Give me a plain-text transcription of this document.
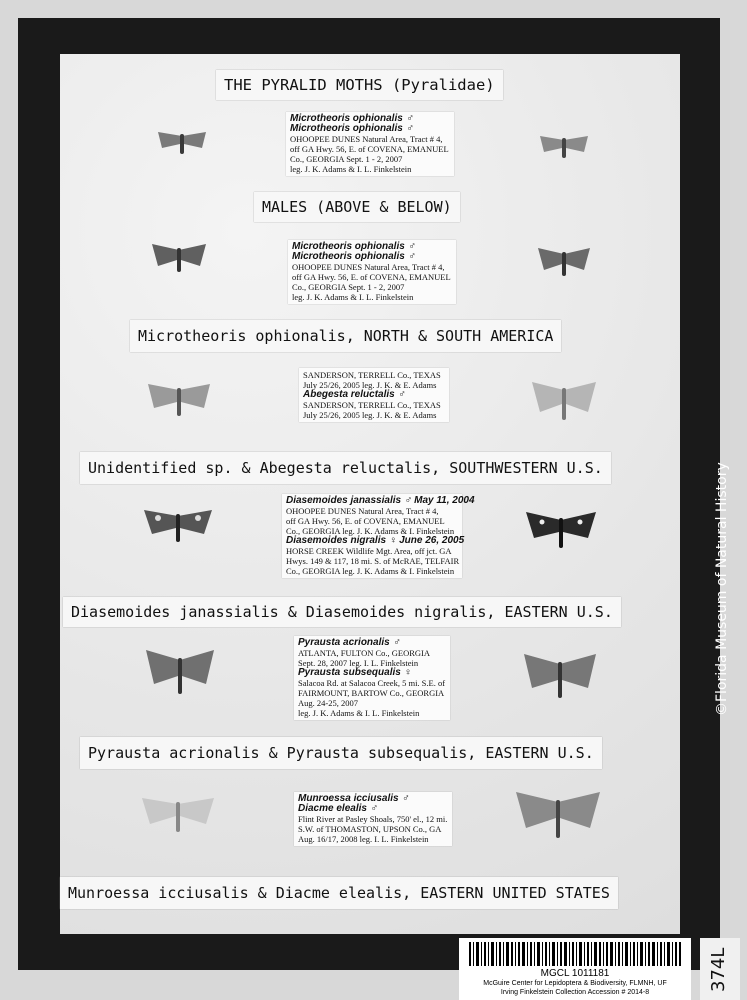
THE PYRALID MOTHS (Pyralidae)
MALES (ABOVE & BELOW)
Microtheoris ophionalis, NORTH & SOUTH AMERICA
Unidentified sp. & Abegesta reluctalis, SOUTHWESTERN U.S.
Diasemoides janassialis & Diasemoides nigralis, EASTERN U.S.
Pyrausta acrionalis & Pyrausta subsequalis, EASTERN U.S.
Munroessa icciusalis & Diacme elealis, EASTERN UNITED STATES
Microtheoris ophionalis ♂
Microtheoris ophionalis ♂
OHOOPEE DUNES Natural Area, Tract # 4,
off GA Hwy. 56, E. of COVENA, EMANUEL
Co., GEORGIA Sept. 1 - 2, 2007
leg. J. K. Adams & I. L. Finkelstein
Microtheoris ophionalis ♂
Microtheoris ophionalis ♂
OHOOPEE DUNES Natural Area, Tract # 4,
off GA Hwy. 56, E. of COVENA, EMANUEL
Co., GEORGIA Sept. 1 - 2, 2007
leg. J. K. Adams & I. L. Finkelstein
SANDERSON, TERRELL Co., TEXAS
July 25/26, 2005 leg. J. K. & E. Adams
Abegesta reluctalis ♂
SANDERSON, TERRELL Co., TEXAS
July 25/26, 2005 leg. J. K. & E. Adams
Diasemoides janassialis ♂ May 11, 2004
OHOOPEE DUNES Natural Area, Tract # 4,
off GA Hwy. 56, E. of COVENA, EMANUEL
Co., GEORGIA leg. J. K. Adams & I. Finkelstein
Diasemoides nigralis ♀ June 26, 2005
HORSE CREEK Wildlife Mgt. Area, off jct. GA
Hwys. 149 & 117, 18 mi. S. of McRAE, TELFAIR
Co., GEORGIA leg. J. K. Adams & I. Finkelstein
Pyrausta acrionalis ♂
ATLANTA, FULTON Co., GEORGIA
Sept. 28, 2007 leg. I. L. Finkelstein
Pyrausta subsequalis ♀
Salacoa Rd. at Salacoa Creek, 5 mi. S.E. of
FAIRMOUNT, BARTOW Co., GEORGIA
Aug. 24-25, 2007
leg. J. K. Adams & I. L. Finkelstein
Munroessa icciusalis ♂
Diacme elealis ♂
Flint River at Pasley Shoals, 750' el., 12 mi.
S.W. of THOMASTON, UPSON Co., GA
Aug. 16/17, 2008 leg. I. L. Finkelstein
©Florida Museum of Natural History
MGCL 1011181
McGuire Center for Lepidoptera & Biodiversity, FLMNH, UF
Irving Finkelstein Collection Accession # 2014-8
374L
